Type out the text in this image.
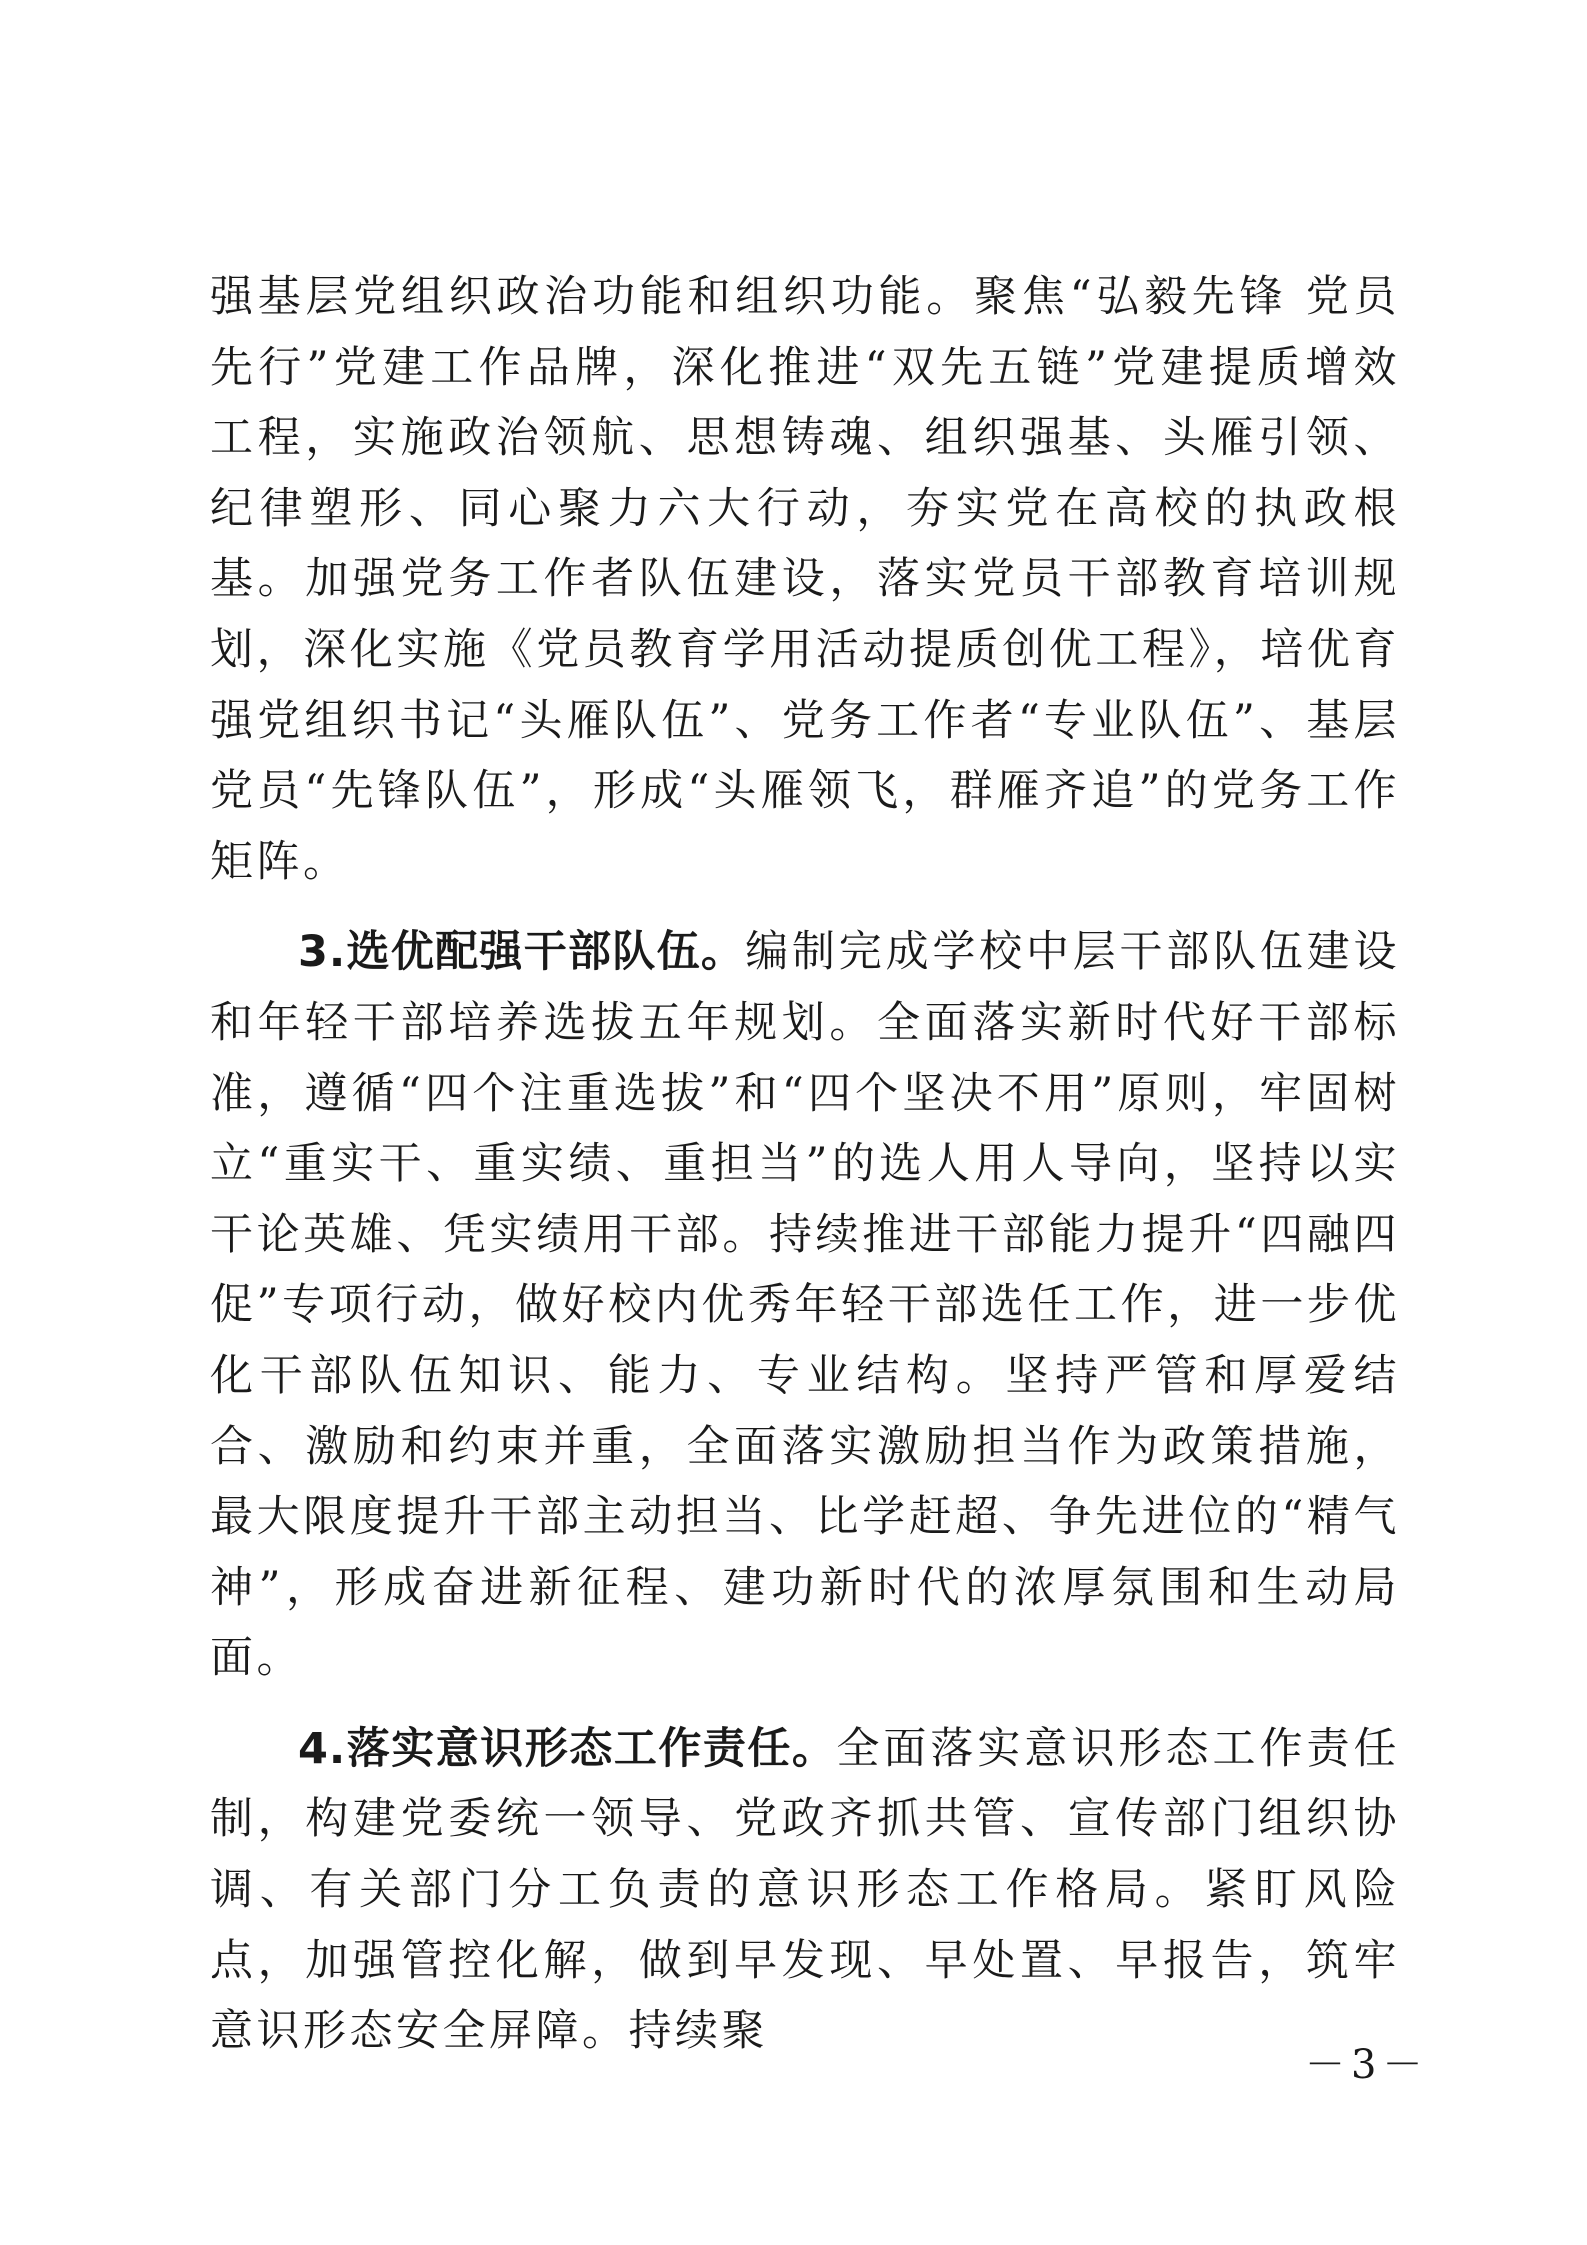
强基层党组织政治功能和组织功能。聚焦“弘毅先锋 党员先行”党建工作品牌，深化推进“双先五链”党建提质增效工程，实施政治领航、思想铸魂、组织强基、头雁引领、纪律塑形、同心聚力六大行动，夯实党在高校的执政根基。加强党务工作者队伍建设，落实党员干部教育培训规划，深化实施《党员教育学用活动提质创优工程》，培优育强党组织书记“头雁队伍”、党务工作者“专业队伍”、基层党员“先锋队伍”，形成“头雁领飞，群雁齐追”的党务工作矩阵。

3.选优配强干部队伍。编制完成学校中层干部队伍建设和年轻干部培养选拔五年规划。全面落实新时代好干部标准，遵循“四个注重选拔”和“四个坚决不用”原则，牢固树立“重实干、重实绩、重担当”的选人用人导向，坚持以实干论英雄、凭实绩用干部。持续推进干部能力提升“四融四促”专项行动，做好校内优秀年轻干部选任工作，进一步优化干部队伍知识、能力、专业结构。坚持严管和厚爱结合、激励和约束并重，全面落实激励担当作为政策措施，最大限度提升干部主动担当、比学赶超、争先进位的“精气神”，形成奋进新征程、建功新时代的浓厚氛围和生动局面。

4.落实意识形态工作责任。全面落实意识形态工作责任制，构建党委统一领导、党政齐抓共管、宣传部门组织协调、有关部门分工负责的意识形态工作格局。紧盯风险点，加强管控化解，做到早发现、早处置、早报告，筑牢意识形态安全屏障。持续聚

－3－
